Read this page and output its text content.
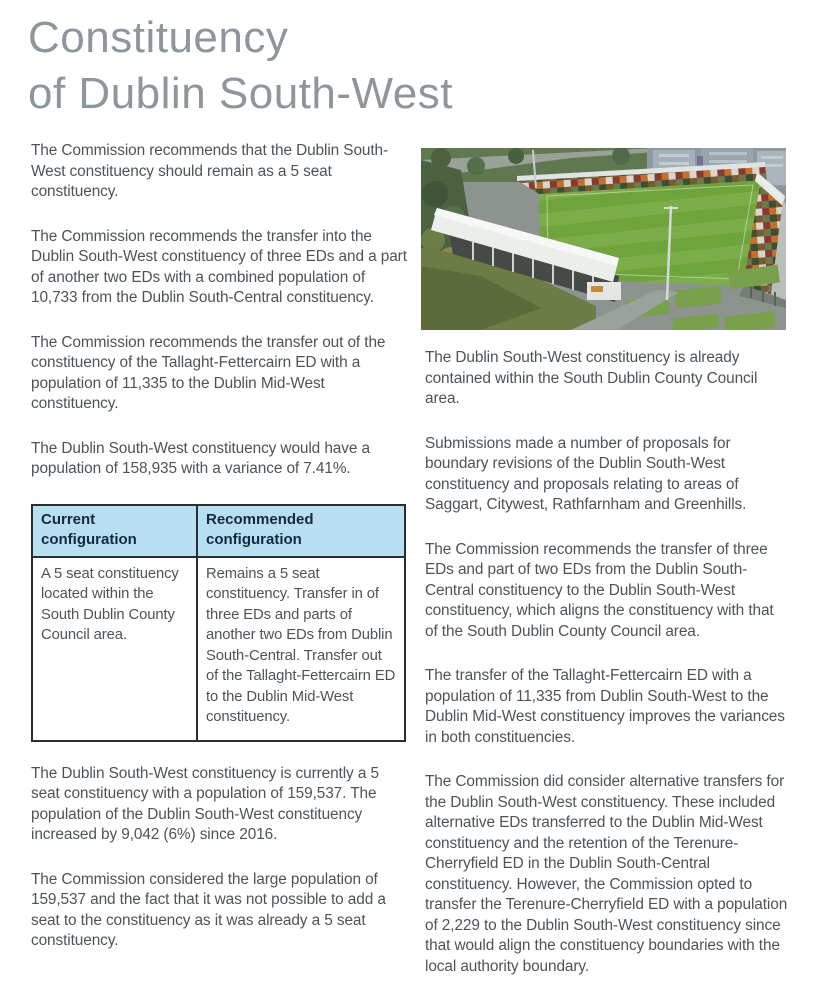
Constituency
of Dublin South-West

The Commission recommends that the Dublin South-West constituency should remain as a 5 seat constituency.

The Commission recommends the transfer into the Dublin South-West constituency of three EDs and a part of another two EDs with a combined population of 10,733 from the Dublin South-Central constituency.

The Commission recommends the transfer out of the constituency of the Tallaght-Fettercairn ED with a population of 11,335 to the Dublin Mid-West constituency.

The Dublin South-West constituency would have a population of 158,935 with a variance of 7.41%.

Current configuration	Recommended configuration
A 5 seat constituency located within the South Dublin County Council area.	Remains a 5 seat constituency. Transfer in of three EDs and parts of another two EDs from Dublin South-Central. Transfer out of the Tallaght-Fettercairn ED to the Dublin Mid-West constituency.

The Dublin South-West constituency is currently a 5 seat constituency with a population of 159,537. The population of the Dublin South-West constituency increased by 9,042 (6%) since 2016.

The Commission considered the large population of 159,537 and the fact that it was not possible to add a seat to the constituency as it was already a 5 seat constituency.

The Dublin South-West constituency is already contained within the South Dublin County Council area.

Submissions made a number of proposals for boundary revisions of the Dublin South-West constituency and proposals relating to areas of Saggart, Citywest, Rathfarnham and Greenhills.

The Commission recommends the transfer of three EDs and part of two EDs from the Dublin South-Central constituency to the Dublin South-West constituency, which aligns the constituency with that of the South Dublin County Council area.

The transfer of the Tallaght-Fettercairn ED with a population of 11,335 from Dublin South-West to the Dublin Mid-West constituency improves the variances in both constituencies.

The Commission did consider alternative transfers for the Dublin South-West constituency. These included alternative EDs transferred to the Dublin Mid-West constituency and the retention of the Terenure-Cherryfield ED in the Dublin South-Central constituency. However, the Commission opted to transfer the Terenure-Cherryfield ED with a population of 2,229 to the Dublin South-West constituency since that would align the constituency boundaries with the local authority boundary.
